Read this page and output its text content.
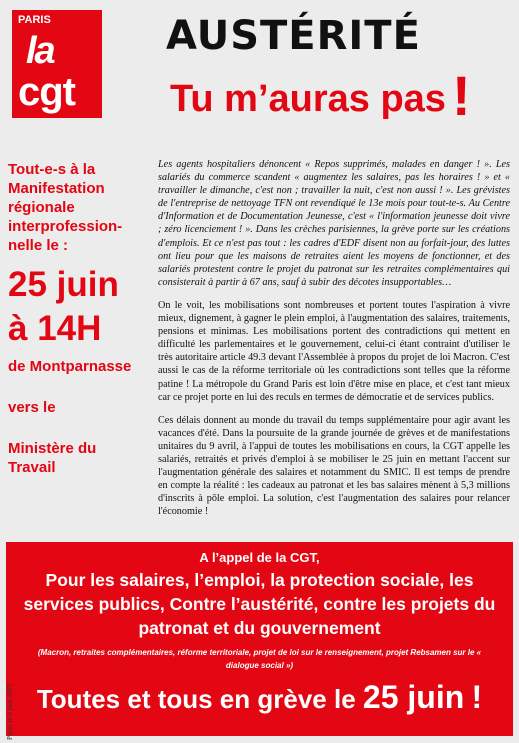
PARIS
la
cgt
AUSTÉRITÉ
Tu m’auras pas !
Tout-e-s à la Manifestation régionale interprofession-nelle le :
25 juin à 14H
de Montparnasse
vers le
Ministère du Travail

Les agents hospitaliers dénoncent « Repos supprimés, malades en danger ! ». Les salariés du commerce scandent « augmentez les salaires, pas les horaires ! » et « travailler le dimanche, c'est non ; travailler la nuit, c'est non aussi ! ». Les grévistes de l'entreprise de nettoyage TFN ont revendiqué le 13e mois pour tout-te-s. Au Centre d'Information et de Documentation Jeunesse, c'est « l'information jeunesse doit vivre ; zéro licenciement ! ». Dans les crèches parisiennes, la grève porte sur les créations d'emplois. Et ce n'est pas tout : les cadres d'EDF disent non au forfait-jour, des luttes ont lieu pour que les maisons de retraites aient les moyens de fonctionner, et des salariés protestent contre le projet du patronat sur les retraites complémentaires qui consisterait à partir à 67 ans, sauf à subir des décotes insupportables…

On le voit, les mobilisations sont nombreuses et portent toutes l'aspiration à vivre mieux, dignement, à gagner le plein emploi, à l'augmentation des salaires, traitements, pensions et minimas. Les mobilisations portent des contradictions qui mettent en difficulté les parlementaires et le gouvernement, celui-ci étant contraint d'utiliser le très autoritaire article 49.3 devant l'Assemblée à propos du projet de loi Macron. C'est aussi le cas de la réforme territoriale où les contradictions sont telles que la réforme patine ! La métropole du Grand Paris est loin d'être mise en place, et c'est tant mieux car ce projet porte en lui des reculs en termes de démocratie et de services publics.

Ces délais donnent au monde du travail du temps supplémentaire pour agir avant les vacances d'été. Dans la poursuite de la grande journée de grèves et de manifestations unitaires du 9 avril, à l'appui de toutes les mobilisations en cours, la CGT appelle les salariés, retraités et privés d'emploi à se mobiliser le 25 juin en mettant l'accent sur l'augmentation générale des salaires et notamment du SMIC. Il est temps de prendre en compte la réalité : les cadeaux au patronat et les bas salaires mènent à 5,3 millions d'inscrits à pôle emploi. La solution, c'est l'augmentation des salaires pour relancer l'économie !

A l’appel de la CGT,
Pour les salaires, l’emploi, la protection sociale, les services publics, Contre l’austérité, contre les projets du patronat et du gouvernement
(Macron, retraites complémentaires, réforme territoriale, projet de loi sur le renseignement, projet Rebsamen sur le « dialogue social »)
Toutes et tous en grève le 25 juin !
Paris, le 9 juin 2015
